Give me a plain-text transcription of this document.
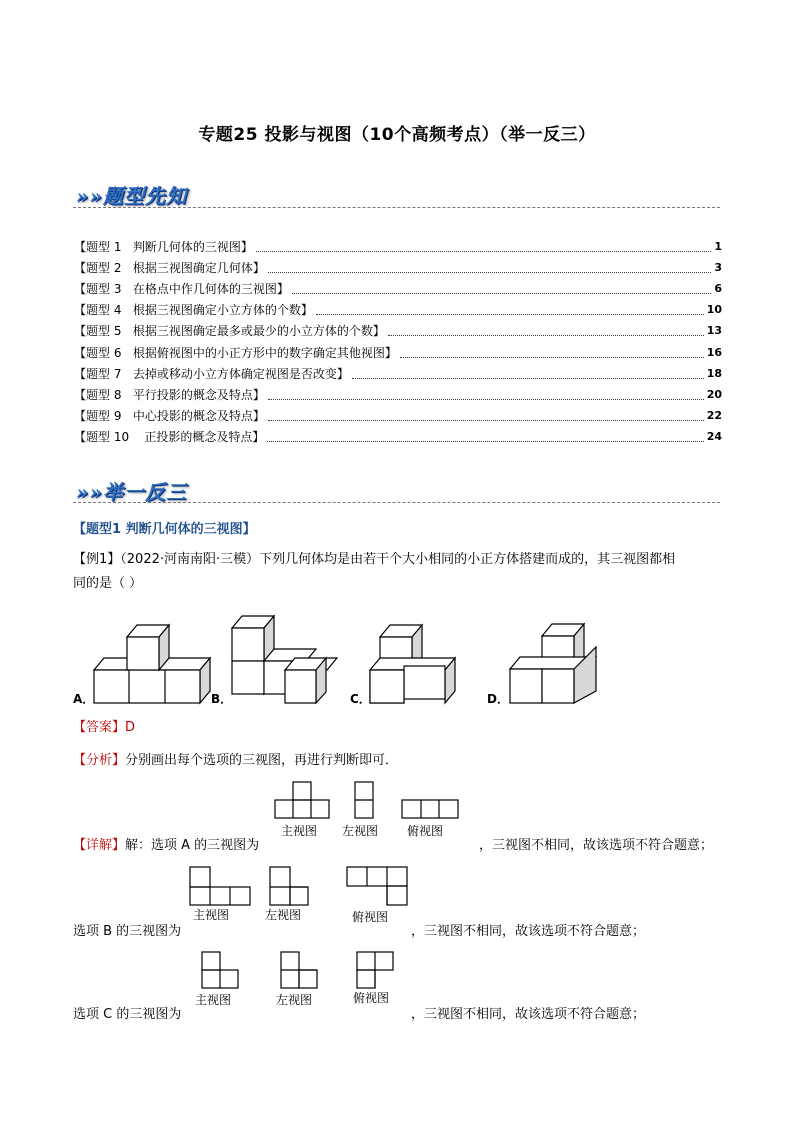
专题25 投影与视图（10个高频考点）（举一反三）
»»题型先知
【题型 1   判断几何体的三视图】	1
【题型 2   根据三视图确定几何体】	3
【题型 3   在格点中作几何体的三视图】	6
【题型 4   根据三视图确定小立方体的个数】	10
【题型 5   根据三视图确定最多或最少的小立方体的个数】	13
【题型 6   根据俯视图中的小正方形中的数字确定其他视图】	16
【题型 7   去掉或移动小立方体确定视图是否改变】	18
【题型 8   平行投影的概念及特点】	20
【题型 9   中心投影的概念及特点】	22
【题型 10    正投影的概念及特点】	24
»»举一反三
【题型1 判断几何体的三视图】
【例1】（2022·河南南阳·三模）下列几何体均是由若干个大小相同的小正方体搭建而成的，其三视图都相
同的是（ ）
A．	B．	C．	D．
【答案】D
【分析】分别画出每个选项的三视图，再进行判断即可．
主视图 左视图 俯视图
【详解】解：选项 A 的三视图为	，三视图不相同，故该选项不符合题意；
主视图	左视图	俯视图
选项 B 的三视图为	，三视图不相同，故该选项不符合题意；
主视图	左视图	俯视图
选项 C 的三视图为	，三视图不相同，故该选项不符合题意；
